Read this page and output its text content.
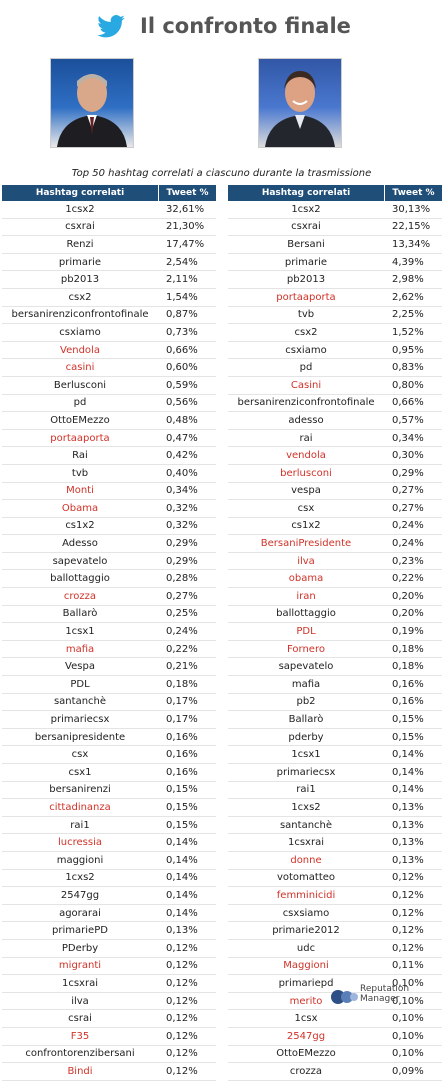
Il confronto finale
Top 50 hashtag correlati a ciascuno durante la trasmissione
Hashtag correlati	Tweet %
1csx2	32,61%
csxrai	21,30%
Renzi	17,47%
primarie	2,54%
pb2013	2,11%
csx2	1,54%
bersanirenziconfrontofinale	0,87%
csxiamo	0,73%
Vendola	0,66%
casini	0,60%
Berlusconi	0,59%
pd	0,56%
OttoEMezzo	0,48%
portaaporta	0,47%
Rai	0,42%
tvb	0,40%
Monti	0,34%
Obama	0,32%
cs1x2	0,32%
Adesso	0,29%
sapevatelo	0,29%
ballottaggio	0,28%
crozza	0,27%
Ballarò	0,25%
1csx1	0,24%
mafia	0,22%
Vespa	0,21%
PDL	0,18%
santanchè	0,17%
primariecsx	0,17%
bersanipresidente	0,16%
csx	0,16%
csx1	0,16%
bersanirenzi	0,15%
cittadinanza	0,15%
rai1	0,15%
lucressia	0,14%
maggioni	0,14%
1cxs2	0,14%
2547gg	0,14%
agorarai	0,14%
primariePD	0,13%
PDerby	0,12%
migranti	0,12%
1csxrai	0,12%
ilva	0,12%
csrai	0,12%
F35	0,12%
confrontorenzibersani	0,12%
Bindi	0,12%
Hashtag correlati	Tweet %
1csx2	30,13%
csxrai	22,15%
Bersani	13,34%
primarie	4,39%
pb2013	2,98%
portaaporta	2,62%
tvb	2,25%
csx2	1,52%
csxiamo	0,95%
pd	0,83%
Casini	0,80%
bersanirenziconfrontofinale	0,66%
adesso	0,57%
rai	0,34%
vendola	0,30%
berlusconi	0,29%
vespa	0,27%
csx	0,27%
cs1x2	0,24%
BersaniPresidente	0,24%
ilva	0,23%
obama	0,22%
iran	0,20%
ballottaggio	0,20%
PDL	0,19%
Fornero	0,18%
sapevatelo	0,18%
mafia	0,16%
pb2	0,16%
Ballarò	0,15%
pderby	0,15%
1csx1	0,14%
primariecsx	0,14%
rai1	0,14%
1cxs2	0,13%
santanchè	0,13%
1csxrai	0,13%
donne	0,13%
votomatteo	0,12%
femminicidi	0,12%
csxsiamo	0,12%
primarie2012	0,12%
udc	0,12%
Maggioni	0,11%
primariepd	0,10%
merito	0,10%
1csx	0,10%
2547gg	0,10%
OttoEMezzo	0,10%
crozza	0,09%
Reputation
Manager
